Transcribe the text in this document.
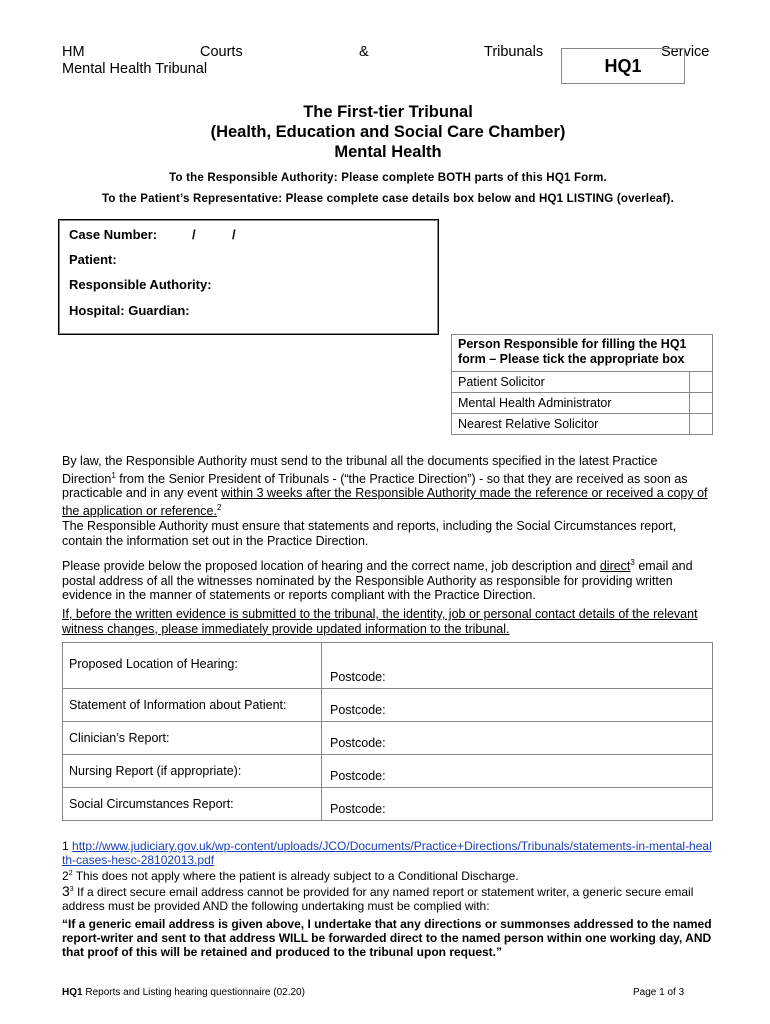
HM	Courts	&	Tribunals	Service
Mental Health Tribunal	HQ1
The First-tier Tribunal
(Health, Education and Social Care Chamber)
Mental Health
To the Responsible Authority: Please complete BOTH parts of this HQ1 Form.
To the Patient’s Representative: Please complete case details box below and HQ1 LISTING (overleaf).
Case Number:	/	/
Patient:
Responsible Authority:
Hospital: Guardian:
Person Responsible for filling the HQ1 form – Please tick the appropriate box	
Patient Solicitor	
Mental Health Administrator	
Nearest Relative Solicitor	
By law, the Responsible Authority must send to the tribunal all the documents specified in the latest Practice Direction$^1$ from the Senior President of Tribunals - (“the Practice Direction”) - so that they are received as soon as practicable and in any event within 3 weeks after the Responsible Authority made the reference or received a copy of the application or reference.$^2$
The Responsible Authority must ensure that statements and reports, including the Social Circumstances report, contain the information set out in the Practice Direction.
Please provide below the proposed location of hearing and the correct name, job description and direct$^3$ email and postal address of all the witnesses nominated by the Responsible Authority as responsible for providing written evidence in the manner of statements or reports compliant with the Practice Direction.
If, before the written evidence is submitted to the tribunal, the identity, job or personal contact details of the relevant witness changes, please immediately provide updated information to the tribunal.
Proposed Location of Hearing:	Postcode:

Statement of Information about Patient:	Postcode:

Clinician’s Report:	Postcode:

Nursing Report (if appropriate):	Postcode:

Social Circumstances Report:	Postcode:
1 http://www.judiciary.gov.uk/wp-content/uploads/JCO/Documents/Practice+Directions/Tribunals/statements-in-mental-health-cases-hesc-28102013.pdf
$2^2$ This does not apply where the patient is already subject to a Conditional Discharge.
$3^3$ If a direct secure email address cannot be provided for any named report or statement writer, a generic secure email address must be provided AND the following undertaking must be complied with:
“If a generic email address is given above, I undertake that any directions or summonses addressed to the named report-writer and sent to that address WILL be forwarded direct to the named person within one working day, AND that proof of this will be retained and produced to the tribunal upon request.”
HQ1 Reports and Listing hearing questionnaire (02.20)	Page 1 of 3
